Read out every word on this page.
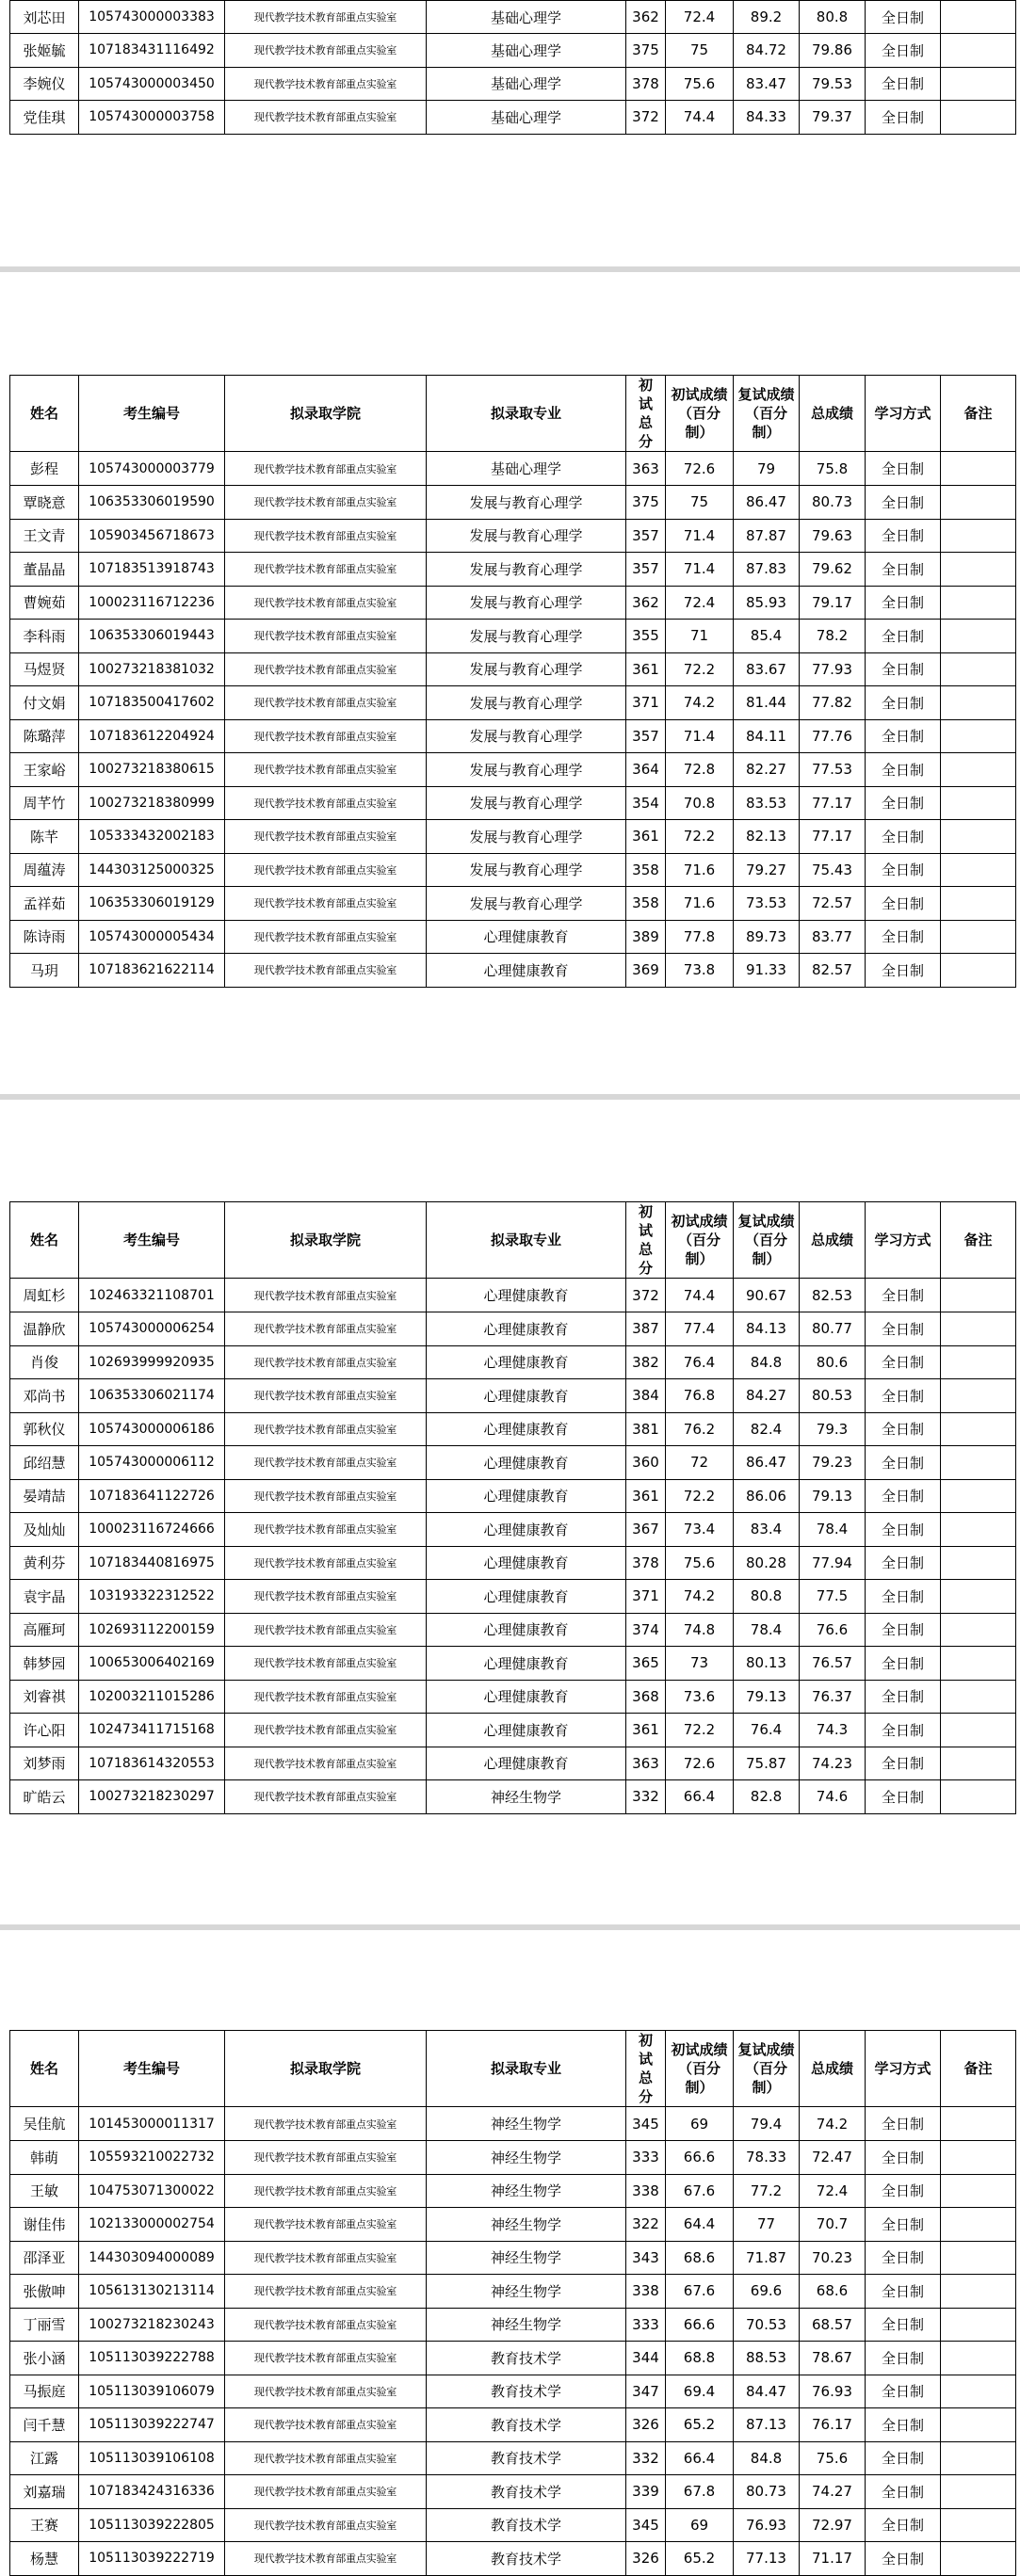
刘芯田	105743000003383	现代教学技术教育部重点实验室	基础心理学	362	72.4	89.2	80.8	全日制	
张姬毓	107183431116492	现代教学技术教育部重点实验室	基础心理学	375	75	84.72	79.86	全日制	
李婉仪	105743000003450	现代教学技术教育部重点实验室	基础心理学	378	75.6	83.47	79.53	全日制	
党佳琪	105743000003758	现代教学技术教育部重点实验室	基础心理学	372	74.4	84.33	79.37	全日制	
姓名	考生编号	拟录取学院	拟录取专业	初试总分	初试成绩（百分制）	复试成绩（百分制）	总成绩	学习方式	备注
彭程	105743000003779	现代教学技术教育部重点实验室	基础心理学	363	72.6	79	75.8	全日制	
覃晓意	106353306019590	现代教学技术教育部重点实验室	发展与教育心理学	375	75	86.47	80.73	全日制	
王文青	105903456718673	现代教学技术教育部重点实验室	发展与教育心理学	357	71.4	87.87	79.63	全日制	
董晶晶	107183513918743	现代教学技术教育部重点实验室	发展与教育心理学	357	71.4	87.83	79.62	全日制	
曹婉茹	100023116712236	现代教学技术教育部重点实验室	发展与教育心理学	362	72.4	85.93	79.17	全日制	
李科雨	106353306019443	现代教学技术教育部重点实验室	发展与教育心理学	355	71	85.4	78.2	全日制	
马煜贤	100273218381032	现代教学技术教育部重点实验室	发展与教育心理学	361	72.2	83.67	77.93	全日制	
付文娟	107183500417602	现代教学技术教育部重点实验室	发展与教育心理学	371	74.2	81.44	77.82	全日制	
陈璐萍	107183612204924	现代教学技术教育部重点实验室	发展与教育心理学	357	71.4	84.11	77.76	全日制	
王家峪	100273218380615	现代教学技术教育部重点实验室	发展与教育心理学	364	72.8	82.27	77.53	全日制	
周芊竹	100273218380999	现代教学技术教育部重点实验室	发展与教育心理学	354	70.8	83.53	77.17	全日制	
陈芊	105333432002183	现代教学技术教育部重点实验室	发展与教育心理学	361	72.2	82.13	77.17	全日制	
周蕴涛	144303125000325	现代教学技术教育部重点实验室	发展与教育心理学	358	71.6	79.27	75.43	全日制	
孟祥茹	106353306019129	现代教学技术教育部重点实验室	发展与教育心理学	358	71.6	73.53	72.57	全日制	
陈诗雨	105743000005434	现代教学技术教育部重点实验室	心理健康教育	389	77.8	89.73	83.77	全日制	
马玥	107183621622114	现代教学技术教育部重点实验室	心理健康教育	369	73.8	91.33	82.57	全日制	
姓名	考生编号	拟录取学院	拟录取专业	初试总分	初试成绩（百分制）	复试成绩（百分制）	总成绩	学习方式	备注
周虹杉	102463321108701	现代教学技术教育部重点实验室	心理健康教育	372	74.4	90.67	82.53	全日制	
温静欣	105743000006254	现代教学技术教育部重点实验室	心理健康教育	387	77.4	84.13	80.77	全日制	
肖俊	102693999920935	现代教学技术教育部重点实验室	心理健康教育	382	76.4	84.8	80.6	全日制	
邓尚书	106353306021174	现代教学技术教育部重点实验室	心理健康教育	384	76.8	84.27	80.53	全日制	
郭秋仪	105743000006186	现代教学技术教育部重点实验室	心理健康教育	381	76.2	82.4	79.3	全日制	
邱绍慧	105743000006112	现代教学技术教育部重点实验室	心理健康教育	360	72	86.47	79.23	全日制	
晏靖喆	107183641122726	现代教学技术教育部重点实验室	心理健康教育	361	72.2	86.06	79.13	全日制	
及灿灿	100023116724666	现代教学技术教育部重点实验室	心理健康教育	367	73.4	83.4	78.4	全日制	
黄利芬	107183440816975	现代教学技术教育部重点实验室	心理健康教育	378	75.6	80.28	77.94	全日制	
袁宇晶	103193322312522	现代教学技术教育部重点实验室	心理健康教育	371	74.2	80.8	77.5	全日制	
高雁珂	102693112200159	现代教学技术教育部重点实验室	心理健康教育	374	74.8	78.4	76.6	全日制	
韩梦园	100653006402169	现代教学技术教育部重点实验室	心理健康教育	365	73	80.13	76.57	全日制	
刘睿祺	102003211015286	现代教学技术教育部重点实验室	心理健康教育	368	73.6	79.13	76.37	全日制	
许心阳	102473411715168	现代教学技术教育部重点实验室	心理健康教育	361	72.2	76.4	74.3	全日制	
刘梦雨	107183614320553	现代教学技术教育部重点实验室	心理健康教育	363	72.6	75.87	74.23	全日制	
旷皓云	100273218230297	现代教学技术教育部重点实验室	神经生物学	332	66.4	82.8	74.6	全日制	
姓名	考生编号	拟录取学院	拟录取专业	初试总分	初试成绩（百分制）	复试成绩（百分制）	总成绩	学习方式	备注
吴佳航	101453000011317	现代教学技术教育部重点实验室	神经生物学	345	69	79.4	74.2	全日制	
韩萌	105593210022732	现代教学技术教育部重点实验室	神经生物学	333	66.6	78.33	72.47	全日制	
王敏	104753071300022	现代教学技术教育部重点实验室	神经生物学	338	67.6	77.2	72.4	全日制	
谢佳伟	102133000002754	现代教学技术教育部重点实验室	神经生物学	322	64.4	77	70.7	全日制	
邵泽亚	144303094000089	现代教学技术教育部重点实验室	神经生物学	343	68.6	71.87	70.23	全日制	
张傲呻	105613130213114	现代教学技术教育部重点实验室	神经生物学	338	67.6	69.6	68.6	全日制	
丁丽雪	100273218230243	现代教学技术教育部重点实验室	神经生物学	333	66.6	70.53	68.57	全日制	
张小涵	105113039222788	现代教学技术教育部重点实验室	教育技术学	344	68.8	88.53	78.67	全日制	
马振庭	105113039106079	现代教学技术教育部重点实验室	教育技术学	347	69.4	84.47	76.93	全日制	
闫千慧	105113039222747	现代教学技术教育部重点实验室	教育技术学	326	65.2	87.13	76.17	全日制	
江露	105113039106108	现代教学技术教育部重点实验室	教育技术学	332	66.4	84.8	75.6	全日制	
刘嘉瑞	107183424316336	现代教学技术教育部重点实验室	教育技术学	339	67.8	80.73	74.27	全日制	
王赛	105113039222805	现代教学技术教育部重点实验室	教育技术学	345	69	76.93	72.97	全日制	
杨慧	105113039222719	现代教学技术教育部重点实验室	教育技术学	326	65.2	77.13	71.17	全日制	
